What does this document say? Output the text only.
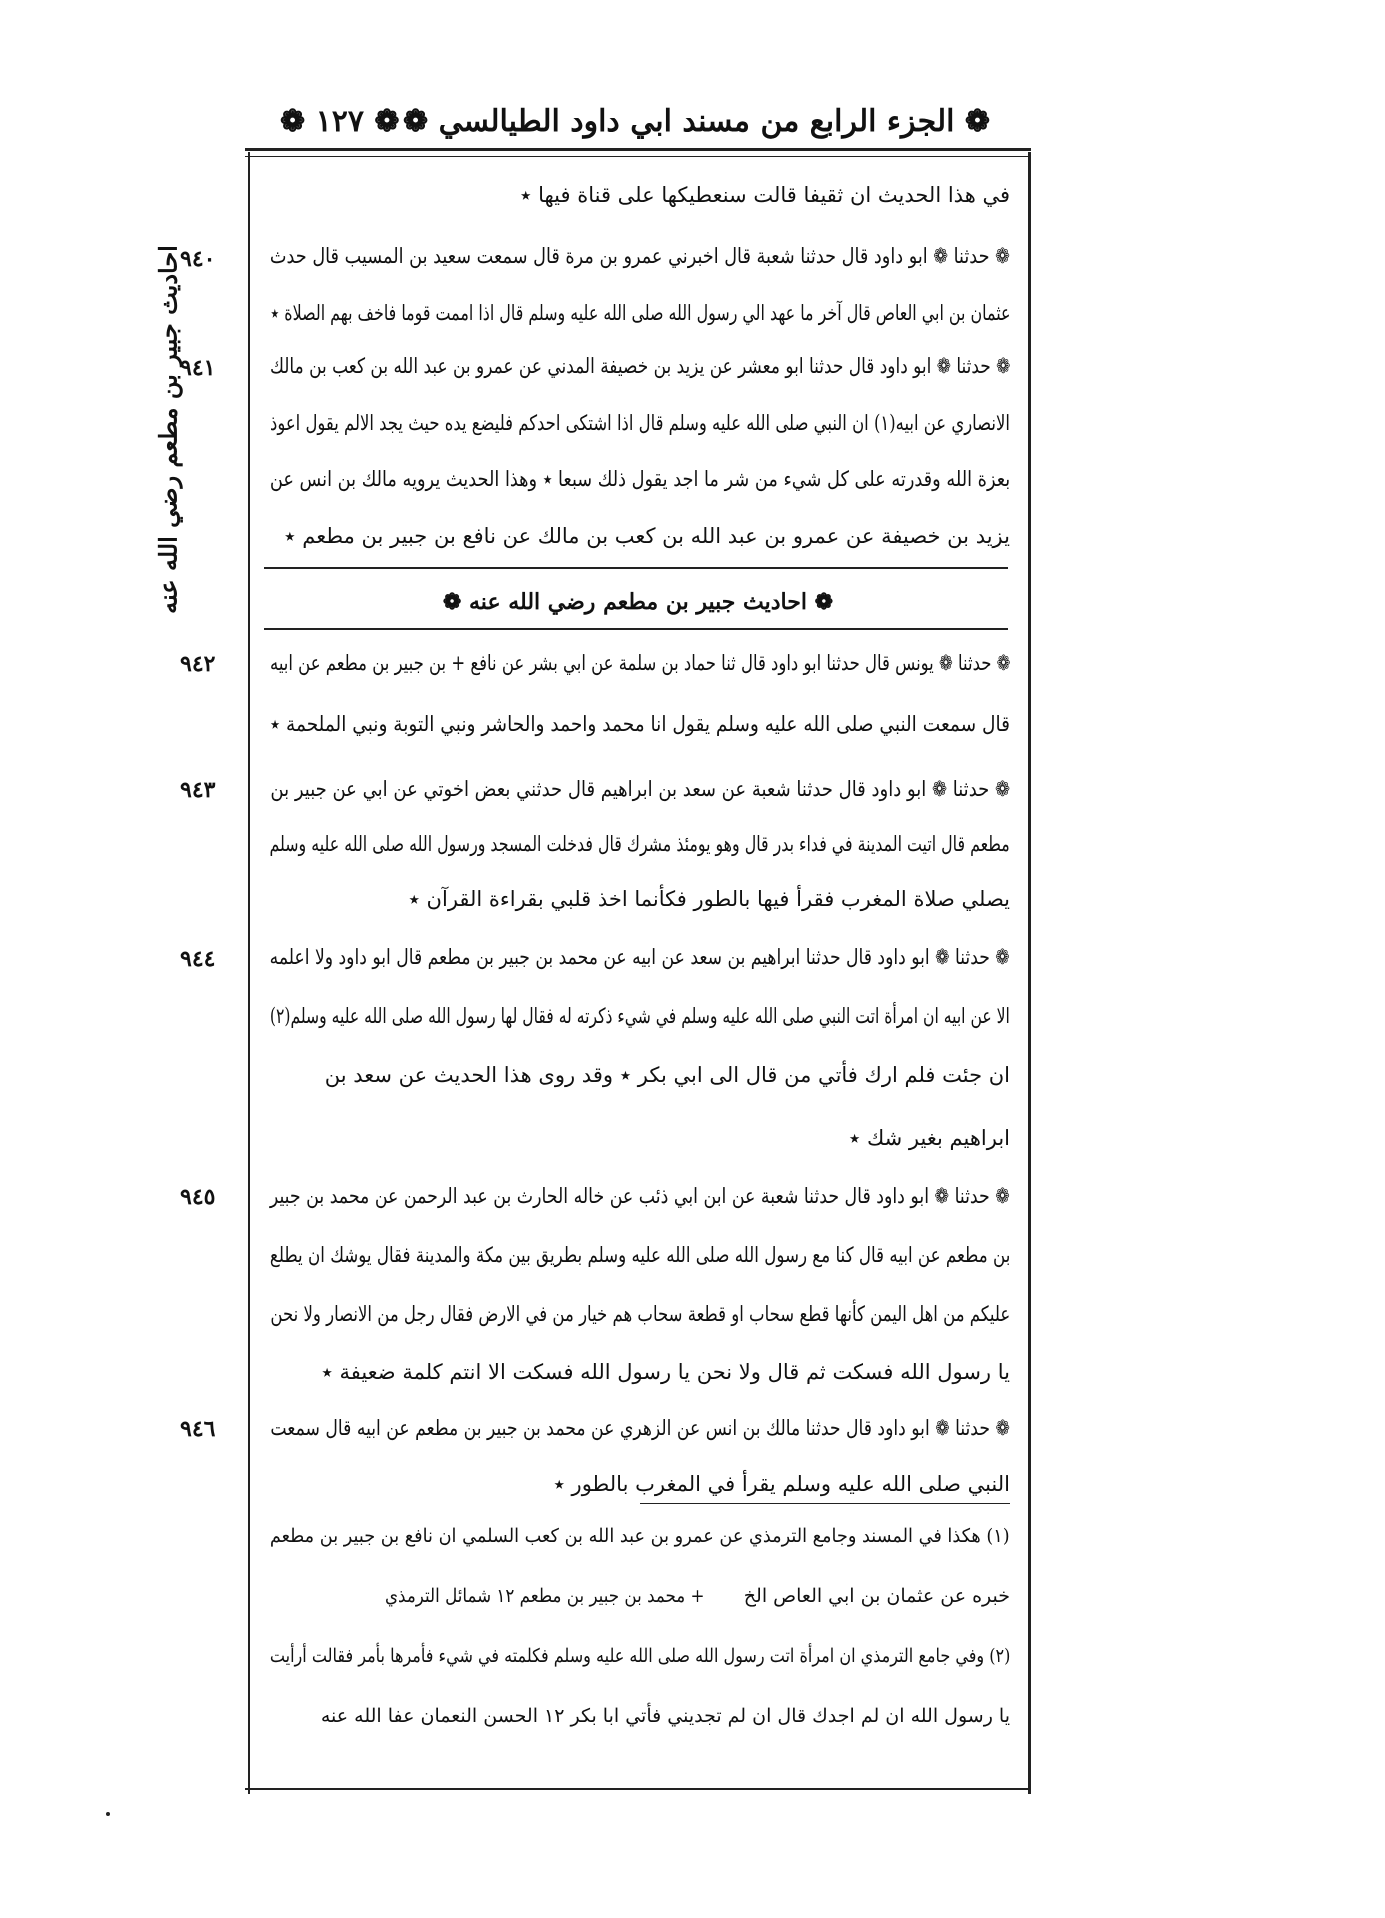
❁ الجزء الرابع من مسند ابي داود الطيالسي ❁
❁ ١٢٧ ❁
احاديث جبير بن مطعم رضي الله عنه
٩٤٠
٩٤١
٩٤٢
٩٤٣
٩٤٤
٩٤٥
٩٤٦
في هذا الحديث ان ثقيفا قالت سنعطيكها على قناة فيها ٭
❁ حدثنا ❁ ابو داود قال حدثنا شعبة قال اخبرني عمرو بن مرة قال سمعت سعيد بن المسيب قال حدث
عثمان بن ابي العاص قال آخر ما عهد الي رسول الله صلى الله عليه وسلم قال اذا اممت قوما فاخف بهم الصلاة ٭
❁ حدثنا ❁ ابو داود قال حدثنا ابو معشر عن يزيد بن خصيفة المدني عن عمرو بن عبد الله بن كعب بن مالك
الانصاري عن ابيه(١) ان النبي صلى الله عليه وسلم قال اذا اشتكى احدكم فليضع يده حيث يجد الالم يقول اعوذ
بعزة الله وقدرته على كل شيء من شر ما اجد يقول ذلك سبعا ٭ وهذا الحديث يرويه مالك بن انس عن
يزيد بن خصيفة عن عمرو بن عبد الله بن كعب بن مالك عن نافع بن جبير بن مطعم ٭
❁ احاديث جبير بن مطعم رضي الله عنه ❁
❁ حدثنا ❁ يونس قال حدثنا ابو داود قال ثنا حماد بن سلمة عن ابي بشر عن نافع + بن جبير بن مطعم عن ابيه
قال سمعت النبي صلى الله عليه وسلم يقول انا محمد واحمد والحاشر ونبي التوبة ونبي الملحمة ٭
❁ حدثنا ❁ ابو داود قال حدثنا شعبة عن سعد بن ابراهيم قال حدثني بعض اخوتي عن ابي عن جبير بن
مطعم قال اتيت المدينة في فداء بدر قال وهو يومئذ مشرك قال فدخلت المسجد ورسول الله صلى الله عليه وسلم
يصلي صلاة المغرب فقرأ فيها بالطور فكأنما اخذ قلبي بقراءة القرآن ٭
❁ حدثنا ❁ ابو داود قال حدثنا ابراهيم بن سعد عن ابيه عن محمد بن جبير بن مطعم قال ابو داود ولا اعلمه
الا عن ابيه ان امرأة اتت النبي صلى الله عليه وسلم في شيء ذكرته له فقال لها رسول الله صلى الله عليه وسلم(٢)
ان جئت فلم ارك فأتي من قال الى ابي بكر ٭ وقد روى هذا الحديث عن سعد بن
ابراهيم بغير شك ٭
❁ حدثنا ❁ ابو داود قال حدثنا شعبة عن ابن ابي ذئب عن خاله الحارث بن عبد الرحمن عن محمد بن جبير
بن مطعم عن ابيه قال كنا مع رسول الله صلى الله عليه وسلم بطريق بين مكة والمدينة فقال يوشك ان يطلع
عليكم من اهل اليمن كأنها قطع سحاب او قطعة سحاب هم خيار من في الارض فقال رجل من الانصار ولا نحن
يا رسول الله فسكت ثم قال ولا نحن يا رسول الله فسكت الا انتم كلمة ضعيفة ٭
❁ حدثنا ❁ ابو داود قال حدثنا مالك بن انس عن الزهري عن محمد بن جبير بن مطعم عن ابيه قال سمعت
النبي صلى الله عليه وسلم يقرأ في المغرب بالطور ٭
(١) هكذا في المسند وجامع الترمذي عن عمرو بن عبد الله بن كعب السلمي ان نافع بن جبير بن مطعم
خبره عن عثمان بن ابي العاص الخ
+ محمد بن جبير بن مطعم ١٢ شمائل الترمذي
(٢) وفي جامع الترمذي ان امرأة اتت رسول الله صلى الله عليه وسلم فكلمته في شيء فأمرها بأمر فقالت أرأيت
يا رسول الله ان لم اجدك قال ان لم تجديني فأتي ابا بكر ١٢ الحسن النعمان عفا الله عنه
